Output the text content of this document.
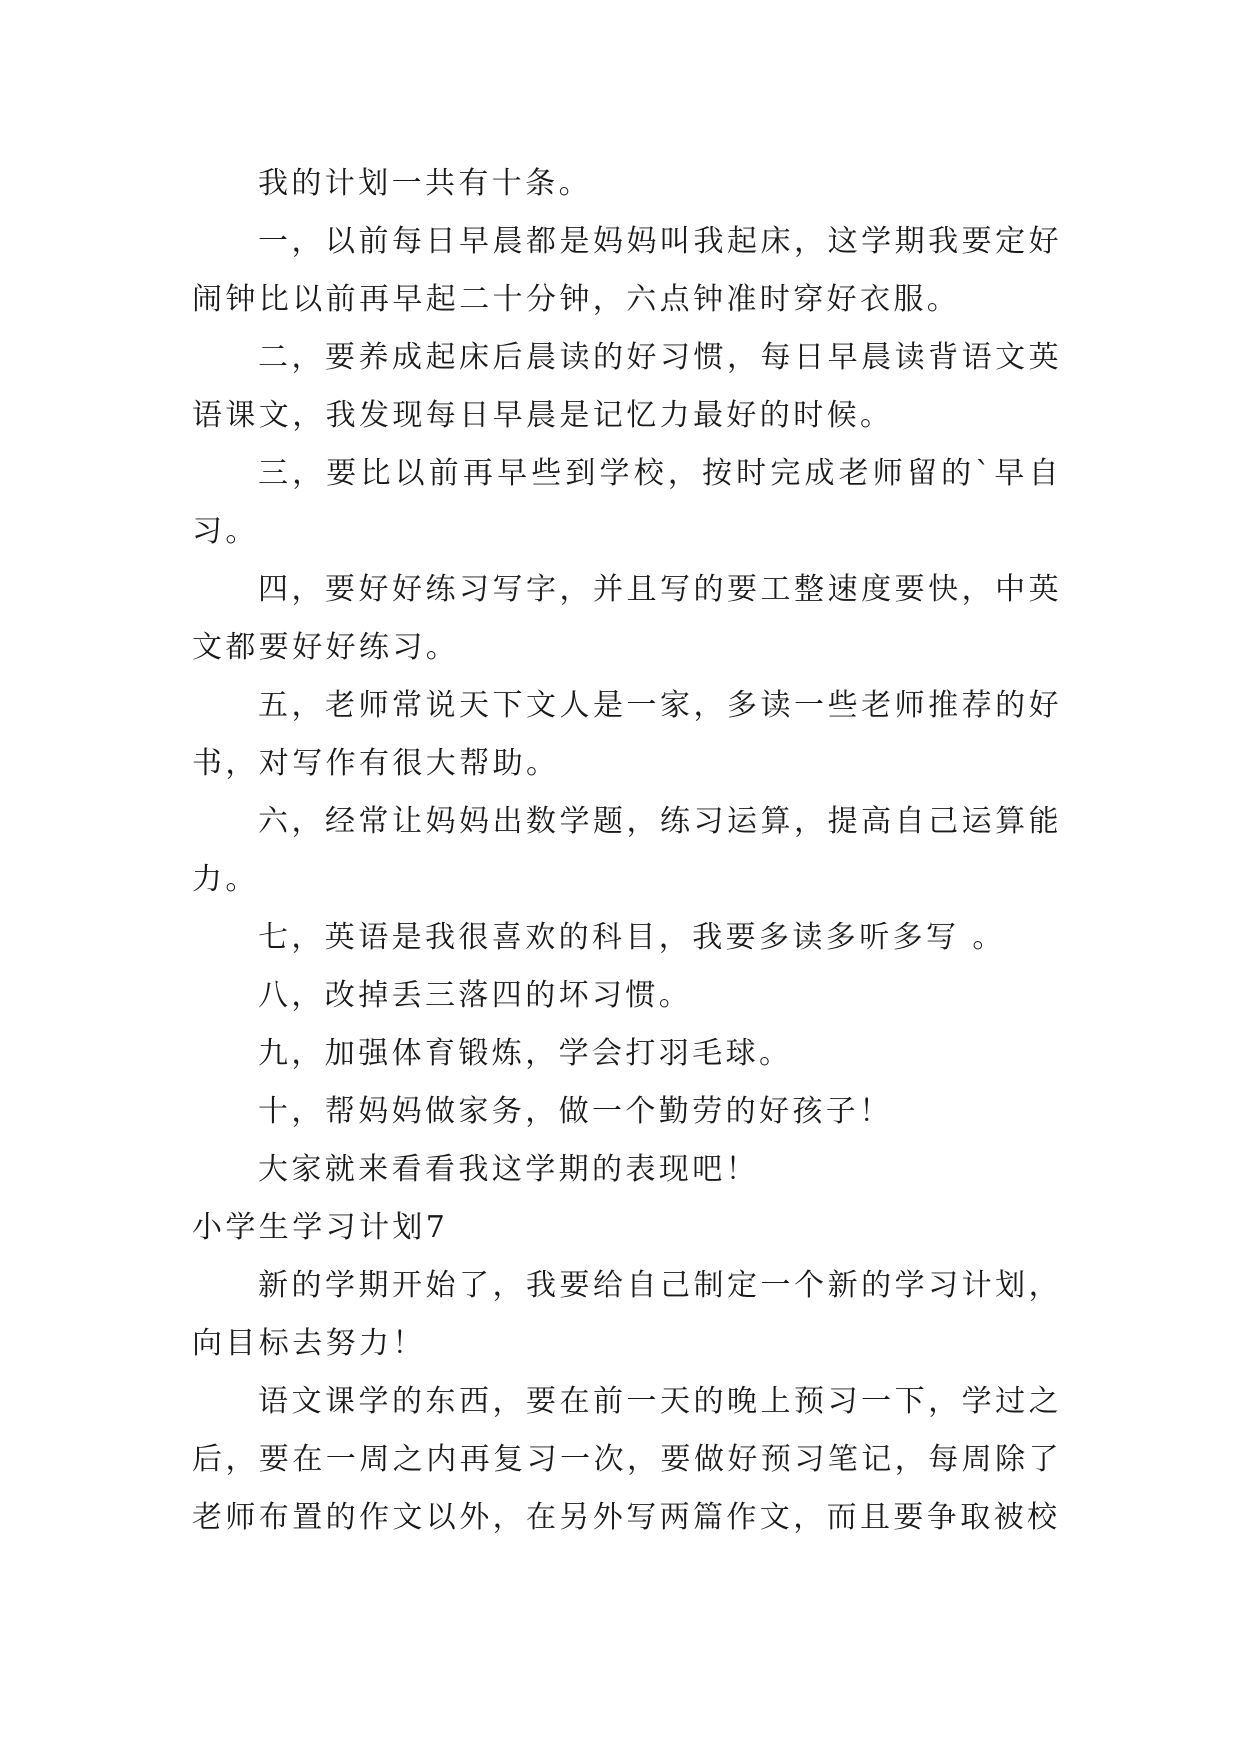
我的计划一共有十条。

一，以前每日早晨都是妈妈叫我起床，这学期我要定好闹钟比以前再早起二十分钟，六点钟准时穿好衣服。

二，要养成起床后晨读的好习惯，每日早晨读背语文英语课文，我发现每日早晨是记忆力最好的时候。

三，要比以前再早些到学校，按时完成老师留的`早自习。

四，要好好练习写字，并且写的要工整速度要快，中英文都要好好练习。

五，老师常说天下文人是一家，多读一些老师推荐的好书，对写作有很大帮助。

六，经常让妈妈出数学题，练习运算，提高自己运算能力。

七，英语是我很喜欢的科目，我要多读多听多写 。

八，改掉丢三落四的坏习惯。

九，加强体育锻炼，学会打羽毛球。

十，帮妈妈做家务，做一个勤劳的好孩子！

大家就来看看我这学期的表现吧！

小学生学习计划7

新的学期开始了，我要给自己制定一个新的学习计划，向目标去努力！

语文课学的东西，要在前一天的晚上预习一下，学过之后，要在一周之内再复习一次，要做好预习笔记，每周除了老师布置的作文以外，在另外写两篇作文，而且要争取被校
